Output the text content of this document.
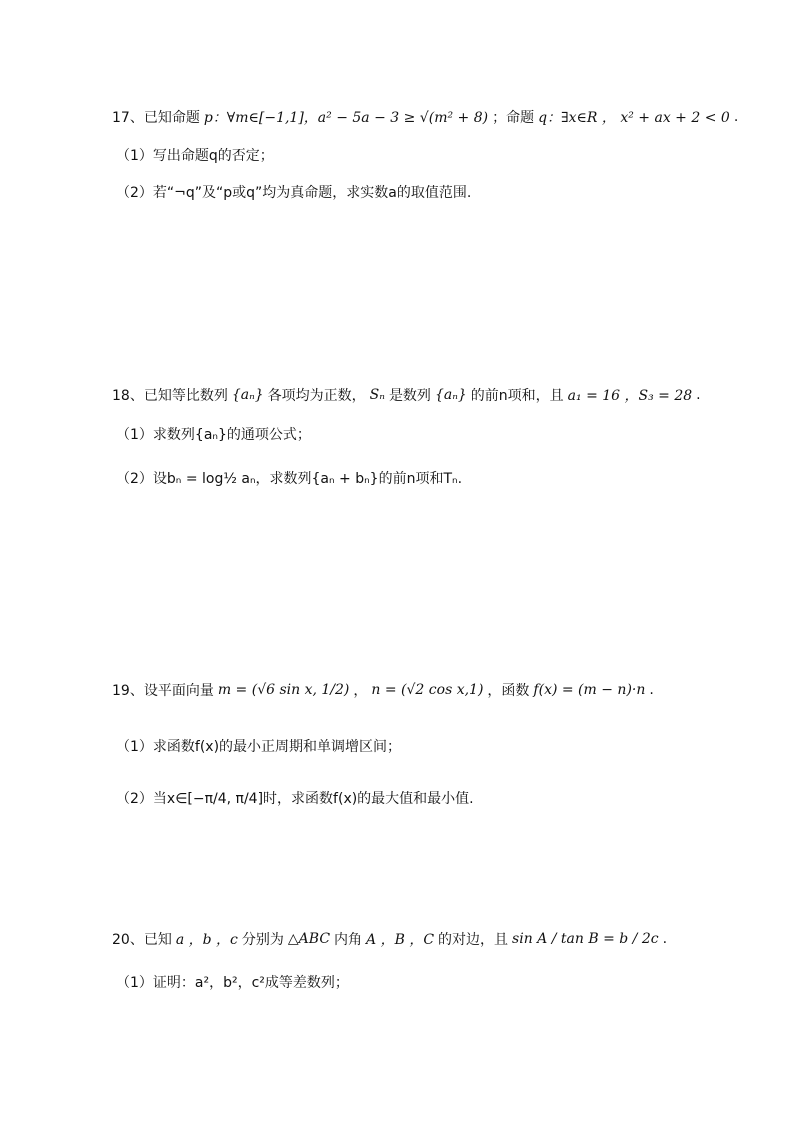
17、已知命题 p：∀m∈[−1,1]，a² − 5a − 3 ≥ √(m² + 8) ；命题 q：∃x∈R ， x² + ax + 2 < 0 .
（1）写出命题q的否定；
（2）若“¬q”及“p或q”均为真命题，求实数a的取值范围.
18、已知等比数列 {aₙ} 各项均为正数， Sₙ 是数列 {aₙ} 的前n项和，且 a₁ = 16 ，S₃ = 28 .
（1）求数列{aₙ}的通项公式；
（2）设bₙ = log½ aₙ，求数列{aₙ + bₙ}的前n项和Tₙ.
19、设平面向量 m = (√6 sin x, 1/2) ， n = (√2 cos x,1) ，函数 f(x) = (m − n)·n .
（1）求函数f(x)的最小正周期和单调增区间；
（2）当x∈[−π/4, π/4]时，求函数f(x)的最大值和最小值.
20、已知 a ，b ，c 分别为 △ABC 内角 A ，B ，C 的对边，且 sin A / tan B = b / 2c .
（1）证明：a²，b²，c²成等差数列；
